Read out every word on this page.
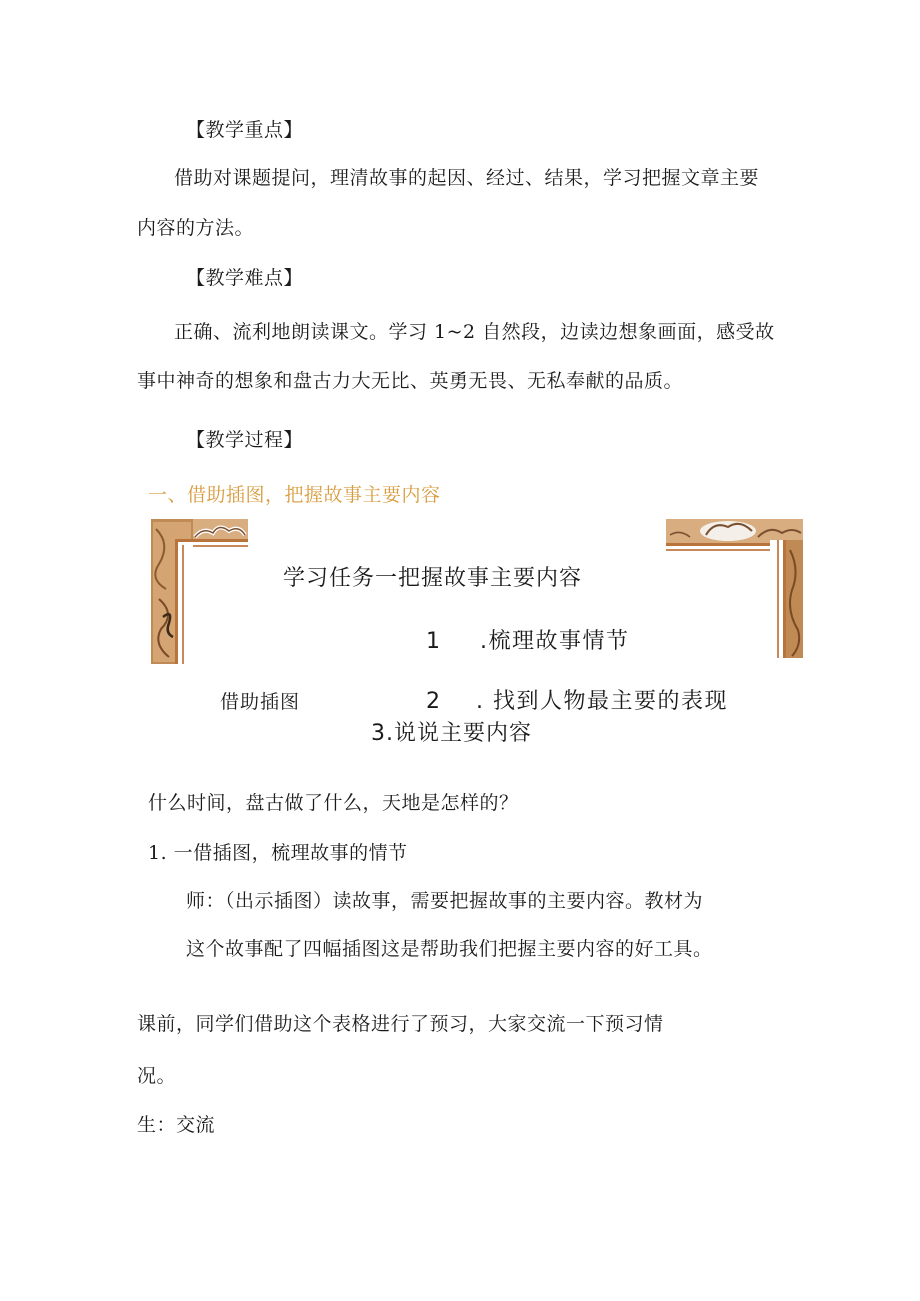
【教学重点】
借助对课题提问，理清故事的起因、经过、结果，学习把握文章主要
内容的方法。
【教学难点】
正确、流利地朗读课文。学习 1~2 自然段，边读边想象画面，感受故
事中神奇的想象和盘古力大无比、英勇无畏、无私奉献的品质。
【教学过程】
一、借助插图，把握故事主要内容
学习任务一把握故事主要内容
1 .梳理故事情节
借助插图	2 . 找到人物最主要的表现
3.说说主要内容
什么时间，盘古做了什么，天地是怎样的？
1. 一借插图，梳理故事的情节
师：（出示插图）读故事，需要把握故事的主要内容。教材为
这个故事配了四幅插图这是帮助我们把握主要内容的好工具。
课前，同学们借助这个表格进行了预习，大家交流一下预习情
况。
生：交流
